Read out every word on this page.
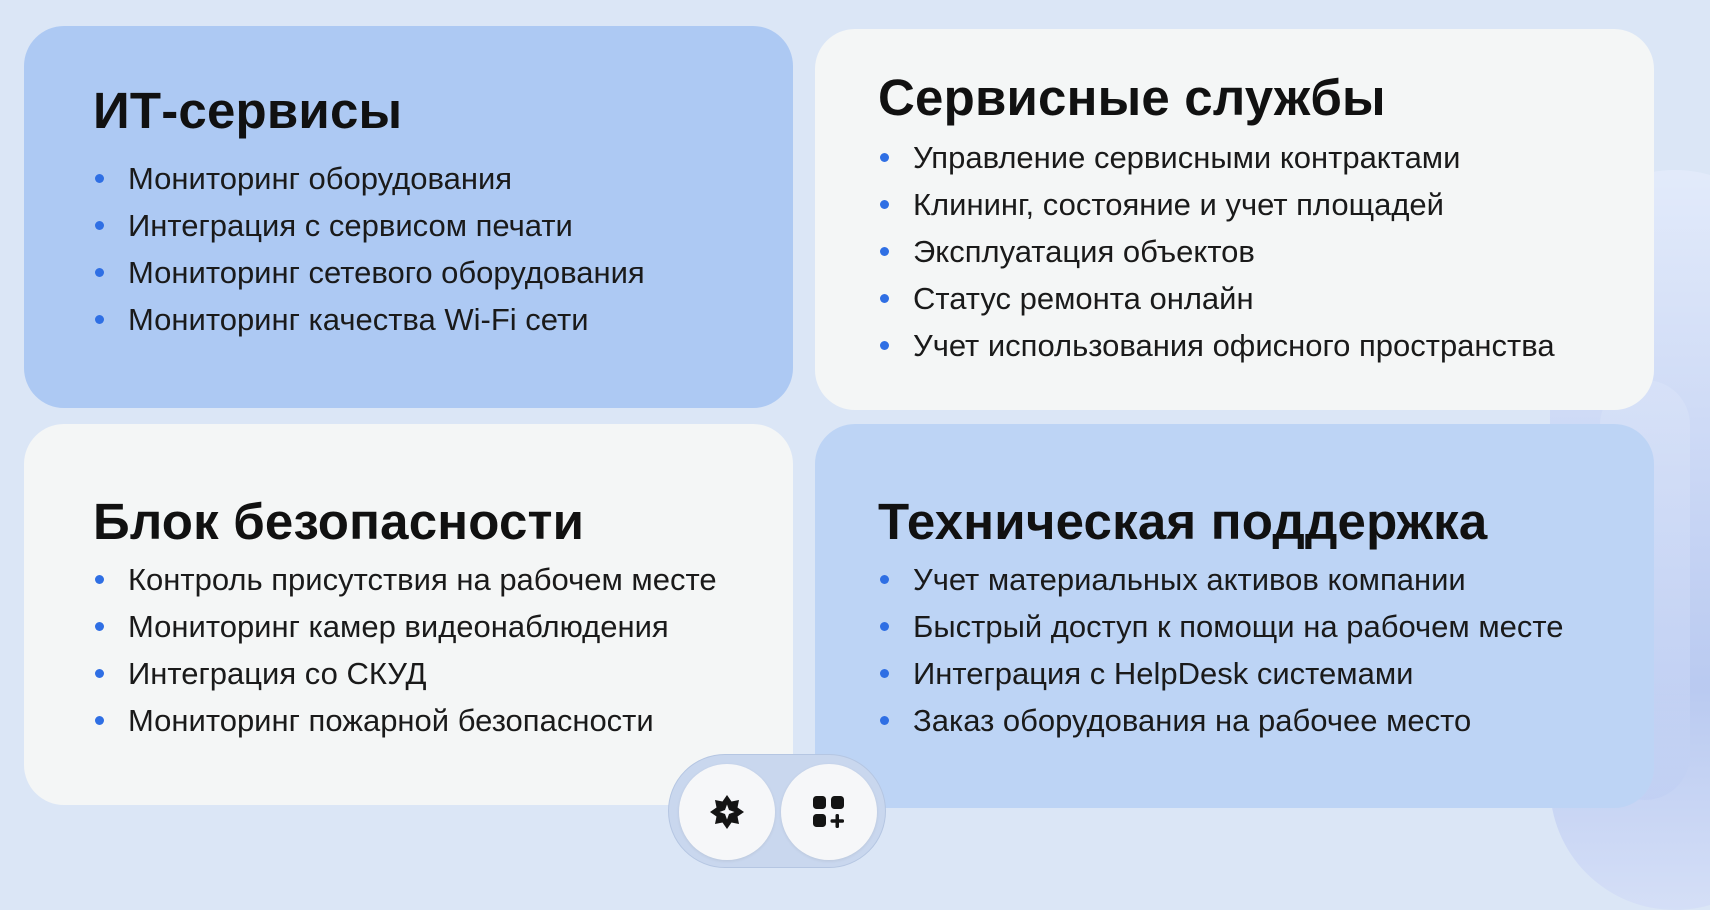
ИТ-сервисы
Мониторинг оборудования
Интеграция с сервисом печати
Мониторинг сетевого оборудования
Мониторинг качества Wi-Fi сети
Сервисные службы
Управление сервисными контрактами
Клининг, состояние и учет площадей
Эксплуатация объектов
Статус ремонта онлайн
Учет использования офисного пространства
Блок безопасности
Контроль присутствия на рабочем месте
Мониторинг камер видеонаблюдения
Интеграция со СКУД
Мониторинг пожарной безопасности
Техническая поддержка
Учет материальных активов компании
Быстрый доступ к помощи на рабочем месте
Интеграция с HelpDesk системами
Заказ оборудования на рабочее место
